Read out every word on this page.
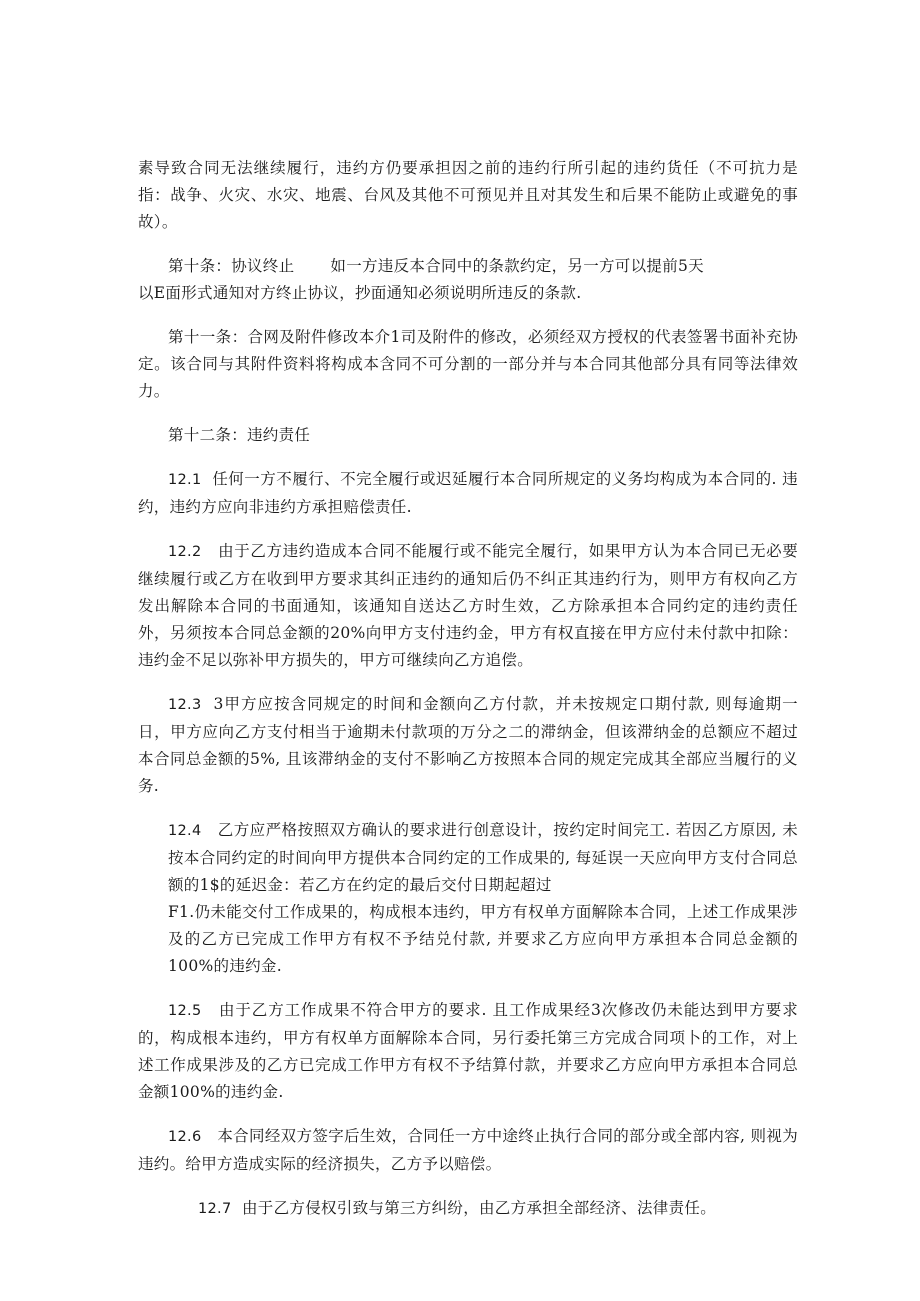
素导致合同无法继续履行，违约方仍要承担因之前的违约行所引起的违约货任（不可抗力是指：战争、火灾、水灾、地震、台风及其他不可预见并且对其发生和后果不能防止或避免的事故）。

第十条：协议终止 如一方违反本合同中的条款约定，另一方可以提前5天
以E面形式通知对方终止协议，抄面通知必须说明所违反的条款.

第十一条：合网及附件修改本介1司及附件的修改，必须经双方授权的代表签署书面补充协定。该合同与其附件资料将构成本含同不可分割的一部分并与本合同其他部分具有同等法律效力。

第十二条：违约责任

12.1 任何一方不履行、不完全履行或迟延履行本合同所规定的义务均构成为本合同的. 违约，违约方应向非违约方承担赔偿责任.

12.2 由于乙方违约造成本合同不能履行或不能完全履行，如果甲方认为本合同已无必要继续履行或乙方在收到甲方要求其纠正违约的通知后仍不纠正其违约行为，则甲方有权向乙方发出解除本合同的书面通知，该通知自送达乙方时生效，乙方除承担本合同约定的违约责任外，另须按本合同总金额的20%向甲方支付违约金，甲方有权直接在甲方应付未付款中扣除：违约金不足以弥补甲方损失的，甲方可继续向乙方追偿。

12.3 3甲方应按含同规定的时间和金额向乙方付款，并未按规定口期付款, 则每逾期一日，甲方应向乙方支付相当于逾期未付款项的万分之二的滞纳金，但该滞纳金的总额应不超过本合同总金额的5%, 且该滞纳金的支付不影响乙方按照本合同的规定完成其全部应当履行的义务.

12.4 乙方应严格按照双方确认的要求进行创意设计，按约定时间完工. 若因乙方原因, 未按本合同约定的时间向甲方提供本合同约定的工作成果的, 每延误一天应向甲方支付合同总额的1$的延迟金：若乙方在约定的最后交付日期起超过
F1.仍未能交付工作成果的，构成根本违约，甲方有权单方面解除本合同，上述工作成果涉及的乙方已完成工作甲方有权不予结兑付款, 并要求乙方应向甲方承担本合同总金额的100%的违约金.

12.5 由于乙方工作成果不符合甲方的要求. 且工作成果经3次修改仍未能达到甲方要求的，构成根本违约，甲方有权单方面解除本合同，另行委托第三方完成合同项卜的工作，对上述工作成果涉及的乙方已完成工作甲方有权不予结算付款，并要求乙方应向甲方承担本合同总金额100%的违约金.

12.6 本合同经双方签字后生效，合同任一方中途终止执行合同的部分或全部内容, 则视为违约。给甲方造成实际的经济损失，乙方予以赔偿。

12.7 由于乙方侵权引致与第三方纠纷，由乙方承担全部经济、法律责任。
